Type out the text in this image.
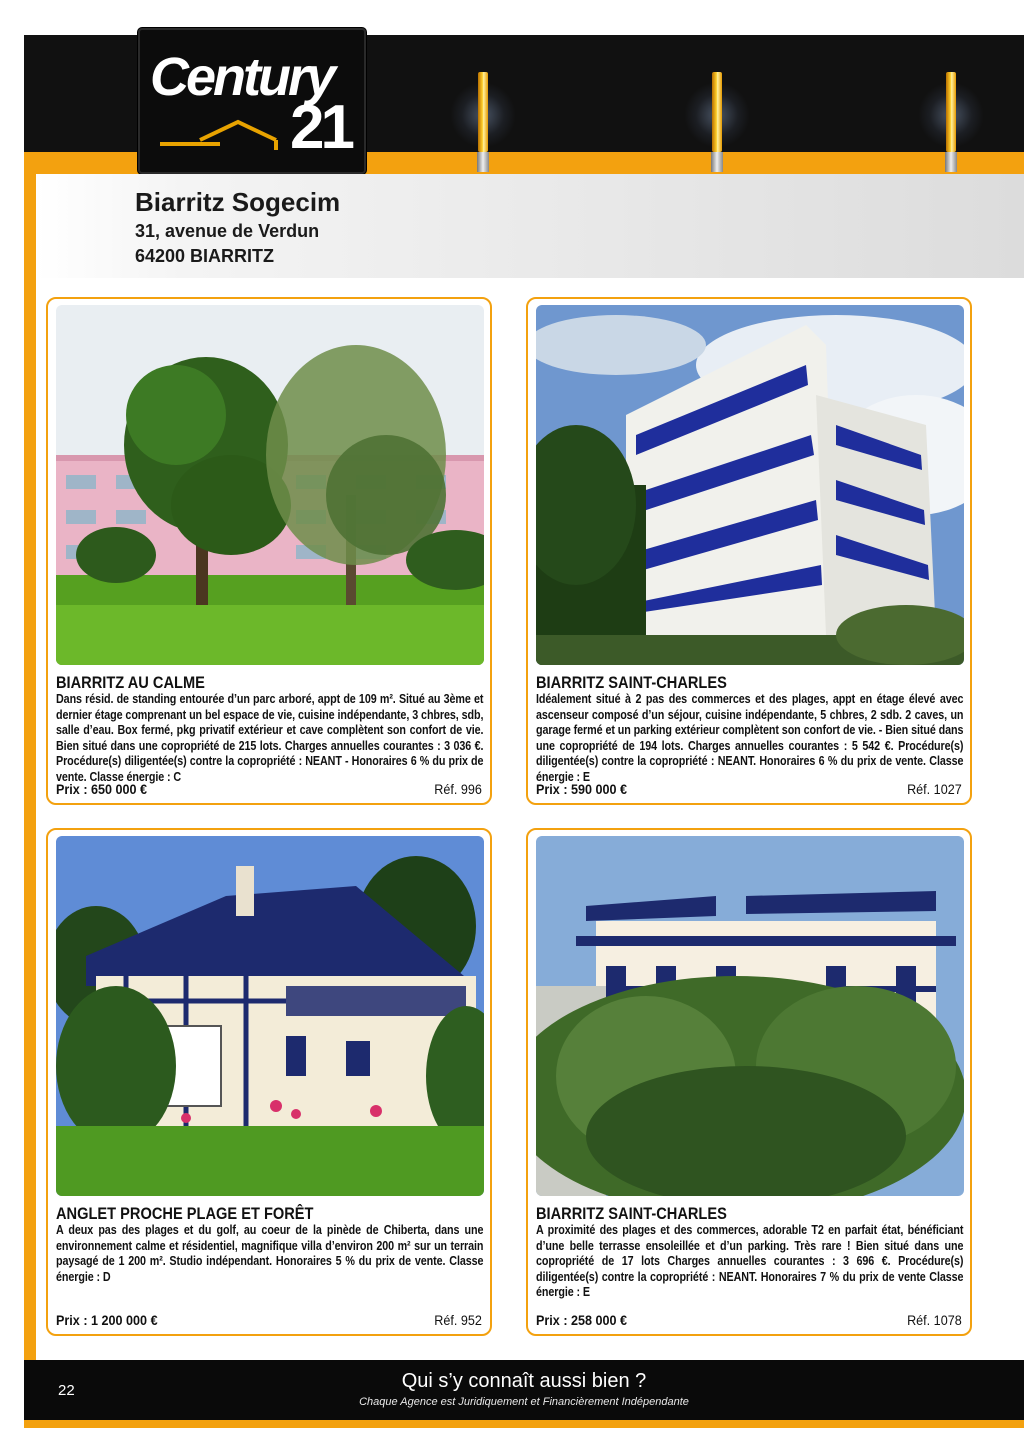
Century
21
Biarritz Sogecim
31, avenue de Verdun
64200 BIARRITZ
BIARRITZ AU CALME
Dans résid. de standing entourée d’un parc arboré, appt de 109 m². Situé au 3ème et dernier étage comprenant un bel espace de vie, cuisine indépendante, 3 chbres, sdb, salle d’eau. Box fermé, pkg privatif extérieur et cave complètent son confort de vie. Bien situé dans une copropriété de 215 lots. Charges annuelles courantes : 3 036 €. Procédure(s) diligentée(s) contre la copropriété : NEANT - Honoraires 6 % du prix de vente. Classe énergie : C
Prix : 650 000 €	Réf. 996
BIARRITZ SAINT-CHARLES
Idéalement situé à 2 pas des commerces et des plages, appt en étage élevé avec ascenseur composé d’un séjour, cuisine indépendante, 5 chbres, 2 sdb. 2 caves, un garage fermé et un parking extérieur complètent son confort de vie. - Bien situé dans une copropriété de 194 lots. Charges annuelles courantes : 5 542 €. Procédure(s) diligentée(s) contre la copropriété : NEANT. Honoraires 6 % du prix de vente. Classe énergie : E
Prix : 590 000 €	Réf. 1027
ANGLET PROCHE PLAGE ET FORÊT
A deux pas des plages et du golf, au coeur de la pinède de Chiberta, dans une environnement calme et résidentiel, magnifique villa d’environ 200 m² sur un terrain paysagé de 1 200 m². Studio indépendant. Honoraires 5 % du prix de vente. Classe énergie : D
Prix : 1 200 000 €	Réf. 952
BIARRITZ SAINT-CHARLES
A proximité des plages et des commerces, adorable T2 en parfait état, bénéficiant d’une belle terrasse ensoleillée et d’un parking. Très rare ! Bien situé dans une copropriété de 17 lots Charges annuelles courantes : 3 696 €. Procédure(s) diligentée(s) contre la copropriété : NEANT. Honoraires 7 % du prix de vente Classe énergie : E
Prix : 258 000 €	Réf. 1078
22	Qui s’y connaît aussi bien ?
Chaque Agence est Juridiquement et Financièrement Indépendante
